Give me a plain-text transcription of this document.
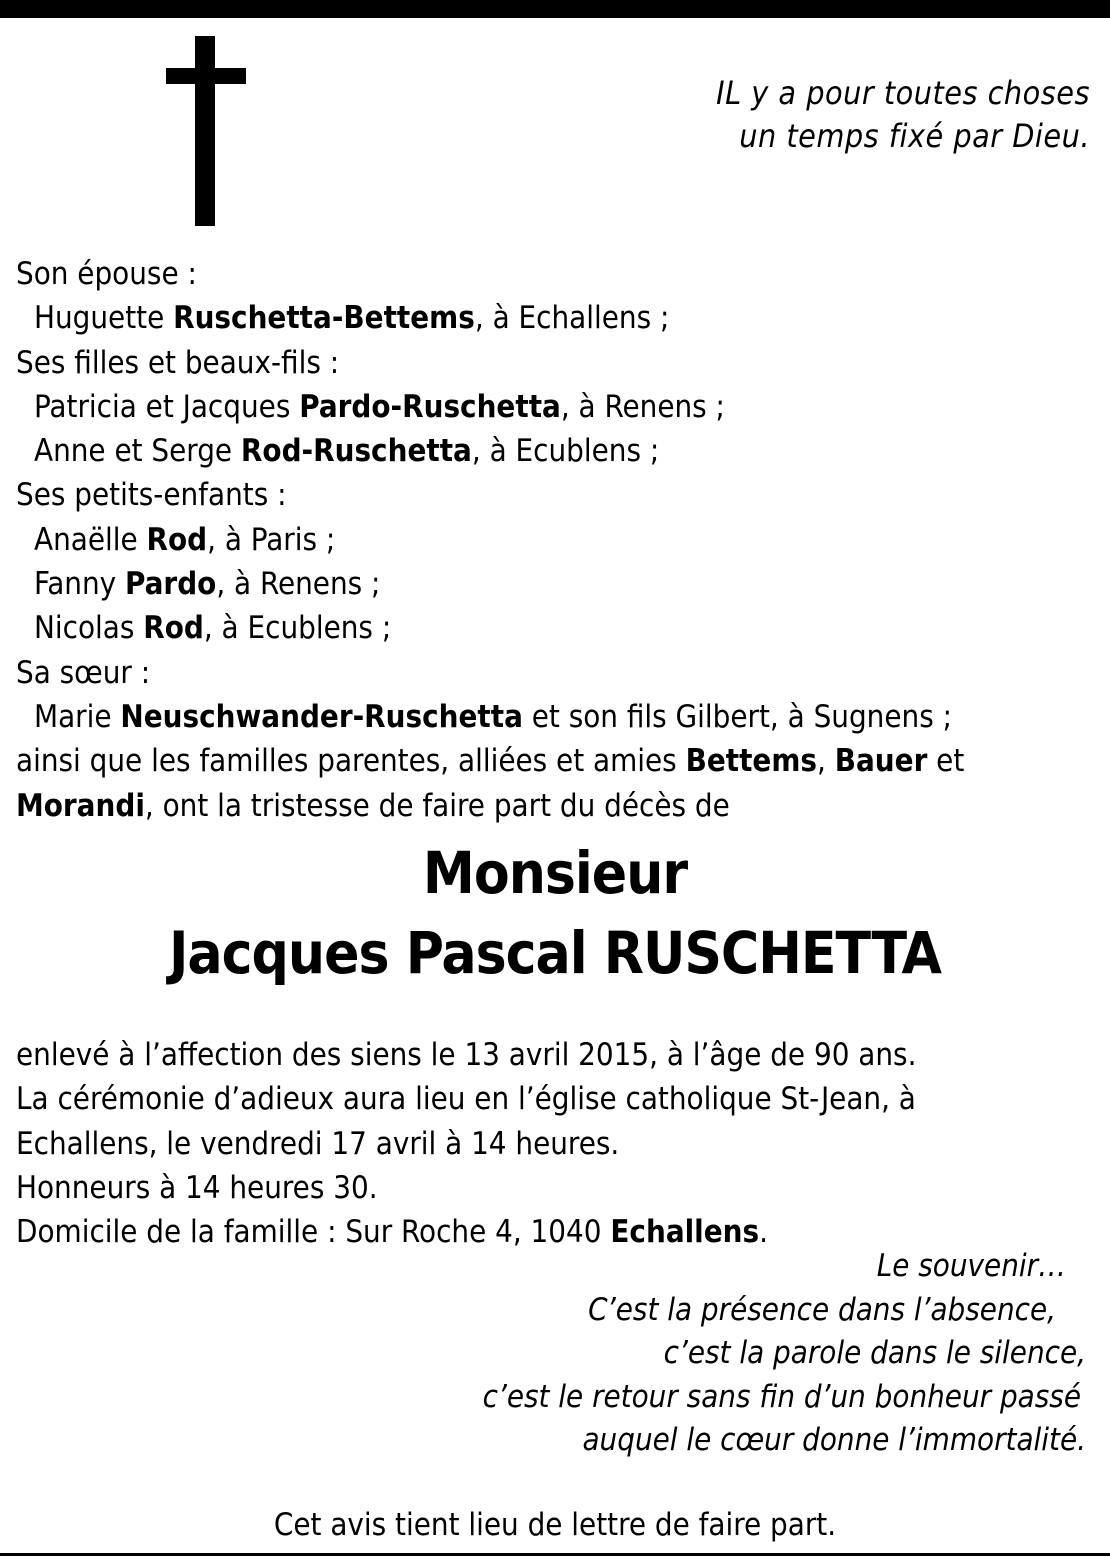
IL y a pour toutes choses
un temps fixé par Dieu.
Son épouse :
Huguette Ruschetta-Bettems, à Echallens ;
Ses filles et beaux-fils :
Patricia et Jacques Pardo-Ruschetta, à Renens ;
Anne et Serge Rod-Ruschetta, à Ecublens ;
Ses petits-enfants :
Anaëlle Rod, à Paris ;
Fanny Pardo, à Renens ;
Nicolas Rod, à Ecublens ;
Sa sœur :
Marie Neuschwander-Ruschetta et son fils Gilbert, à Sugnens ;
ainsi que les familles parentes, alliées et amies Bettems, Bauer et
Morandi, ont la tristesse de faire part du décès de
Monsieur
Jacques Pascal RUSCHETTA
enlevé à l’affection des siens le 13 avril 2015, à l’âge de 90 ans.
La cérémonie d’adieux aura lieu en l’église catholique St-Jean, à
Echallens, le vendredi 17 avril à 14 heures.
Honneurs à 14 heures 30.
Domicile de la famille : Sur Roche 4, 1040 Echallens.
Le souvenir…
C’est la présence dans l’absence,
c’est la parole dans le silence,
c’est le retour sans fin d’un bonheur passé
auquel le cœur donne l’immortalité.
Cet avis tient lieu de lettre de faire part.
